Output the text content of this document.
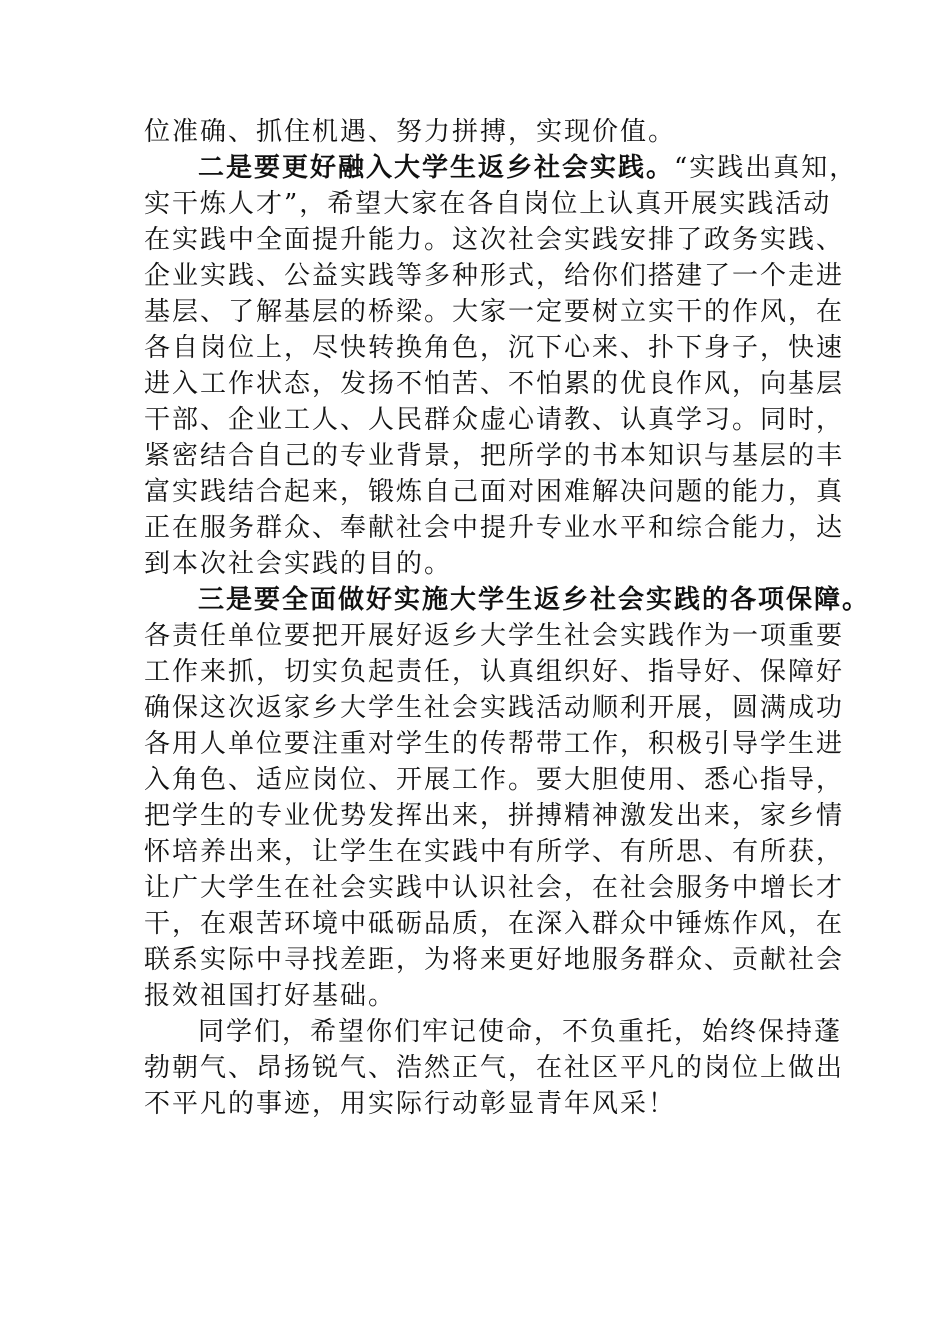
位准确、抓住机遇、努力拼搏，实现价值。
二是要更好融入大学生返乡社会实践。“实践出真知，
实干炼人才”，希望大家在各自岗位上认真开展实践活动
在实践中全面提升能力。这次社会实践安排了政务实践、
企业实践、公益实践等多种形式，给你们搭建了一个走进
基层、了解基层的桥梁。大家一定要树立实干的作风，在
各自岗位上，尽快转换角色，沉下心来、扑下身子，快速
进入工作状态，发扬不怕苦、不怕累的优良作风，向基层
干部、企业工人、人民群众虚心请教、认真学习。同时，
紧密结合自己的专业背景，把所学的书本知识与基层的丰
富实践结合起来，锻炼自己面对困难解决问题的能力，真
正在服务群众、奉献社会中提升专业水平和综合能力，达
到本次社会实践的目的。
三是要全面做好实施大学生返乡社会实践的各项保障。
各责任单位要把开展好返乡大学生社会实践作为一项重要
工作来抓，切实负起责任，认真组织好、指导好、保障好
确保这次返家乡大学生社会实践活动顺利开展，圆满成功
各用人单位要注重对学生的传帮带工作，积极引导学生进
入角色、适应岗位、开展工作。要大胆使用、悉心指导，
把学生的专业优势发挥出来，拼搏精神激发出来，家乡情
怀培养出来，让学生在实践中有所学、有所思、有所获，
让广大学生在社会实践中认识社会，在社会服务中增长才
干，在艰苦环境中砥砺品质，在深入群众中锤炼作风，在
联系实际中寻找差距，为将来更好地服务群众、贡献社会
报效祖国打好基础。
同学们，希望你们牢记使命，不负重托，始终保持蓬
勃朝气、昂扬锐气、浩然正气，在社区平凡的岗位上做出
不平凡的事迹，用实际行动彰显青年风采！
